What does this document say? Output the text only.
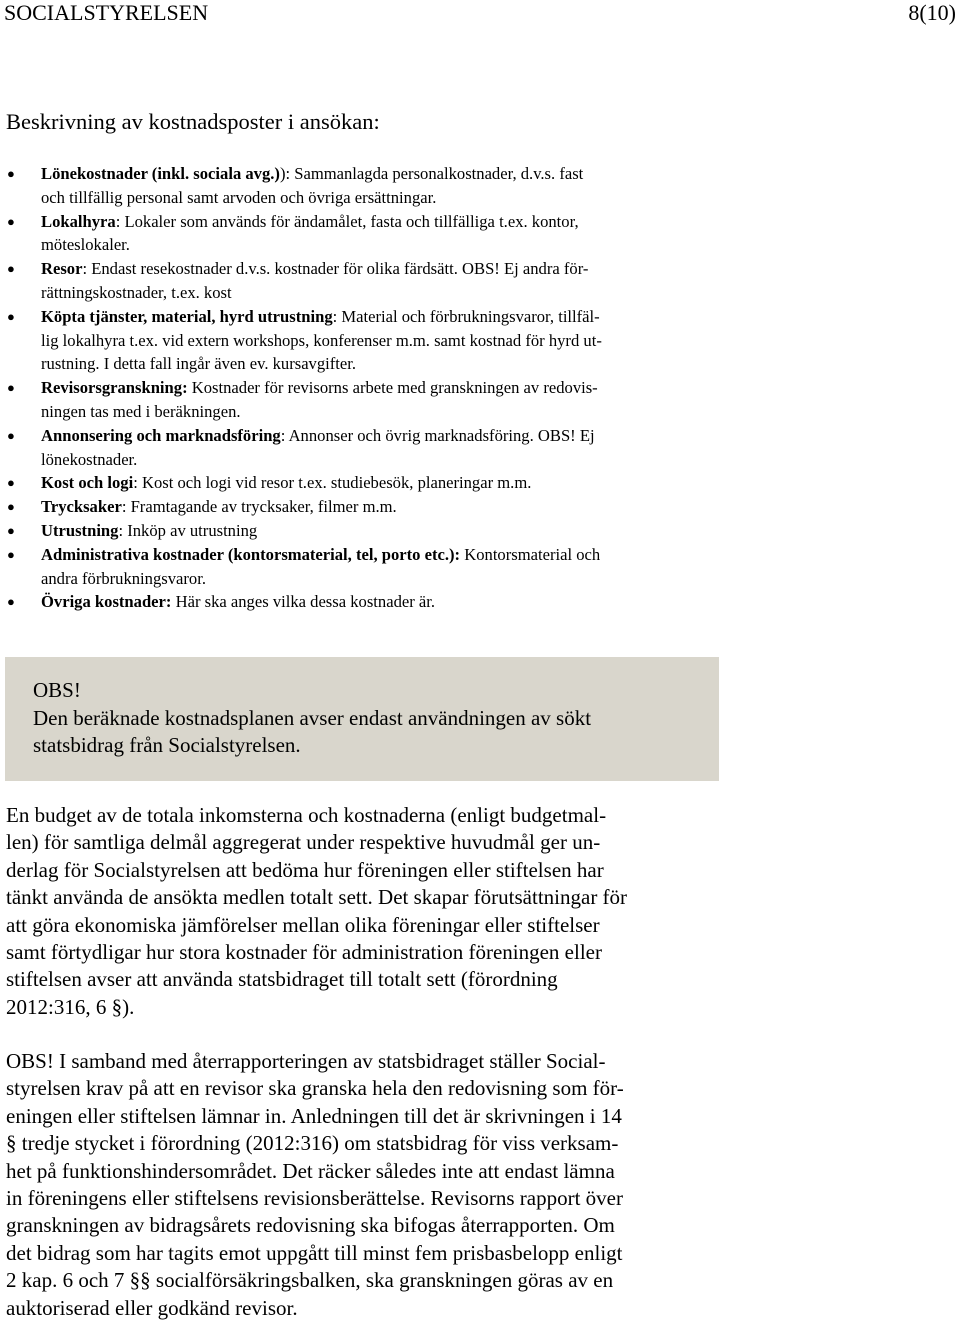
SOCIALSTYRELSEN	8(10)
Beskrivning av kostnadsposter i ansökan:
● Lönekostnader (inkl. sociala avg.)): Sammanlagda personalkostnader, d.v.s. fast
och tillfällig personal samt arvoden och övriga ersättningar.
● Lokalhyra: Lokaler som används för ändamålet, fasta och tillfälliga t.ex. kontor,
möteslokaler.
● Resor: Endast resekostnader d.v.s. kostnader för olika färdsätt. OBS! Ej andra för-
rättningskostnader, t.ex. kost
● Köpta tjänster, material, hyrd utrustning: Material och förbrukningsvaror, tillfäl-
lig lokalhyra t.ex. vid extern workshops, konferenser m.m. samt kostnad för hyrd ut-
rustning. I detta fall ingår även ev. kursavgifter.
● Revisorsgranskning: Kostnader för revisorns arbete med granskningen av redovis-
ningen tas med i beräkningen.
● Annonsering och marknadsföring: Annonser och övrig marknadsföring. OBS! Ej
lönekostnader.
● Kost och logi: Kost och logi vid resor t.ex. studiebesök, planeringar m.m.
● Trycksaker: Framtagande av trycksaker, filmer m.m.
● Utrustning: Inköp av utrustning
● Administrativa kostnader (kontorsmaterial, tel, porto etc.): Kontorsmaterial och
andra förbrukningsvaror.
● Övriga kostnader: Här ska anges vilka dessa kostnader är.
OBS!
Den beräknade kostnadsplanen avser endast användningen av sökt
statsbidrag från Socialstyrelsen.

En budget av de totala inkomsterna och kostnaderna (enligt budgetmal-
len) för samtliga delmål aggregerat under respektive huvudmål ger un-
derlag för Socialstyrelsen att bedöma hur föreningen eller stiftelsen har
tänkt använda de ansökta medlen totalt sett. Det skapar förutsättningar för
att göra ekonomiska jämförelser mellan olika föreningar eller stiftelser
samt förtydligar hur stora kostnader för administration föreningen eller
stiftelsen avser att använda statsbidraget till totalt sett (förordning
2012:316, 6 §).

OBS! I samband med återrapporteringen av statsbidraget ställer Social-
styrelsen krav på att en revisor ska granska hela den redovisning som för-
eningen eller stiftelsen lämnar in. Anledningen till det är skrivningen i 14
§ tredje stycket i förordning (2012:316) om statsbidrag för viss verksam-
het på funktionshindersområdet. Det räcker således inte att endast lämna
in föreningens eller stiftelsens revisionsberättelse. Revisorns rapport över
granskningen av bidragsårets redovisning ska bifogas återrapporten. Om
det bidrag som har tagits emot uppgått till minst fem prisbasbelopp enligt
2 kap. 6 och 7 §§ socialförsäkringsbalken, ska granskningen göras av en
auktoriserad eller godkänd revisor.
